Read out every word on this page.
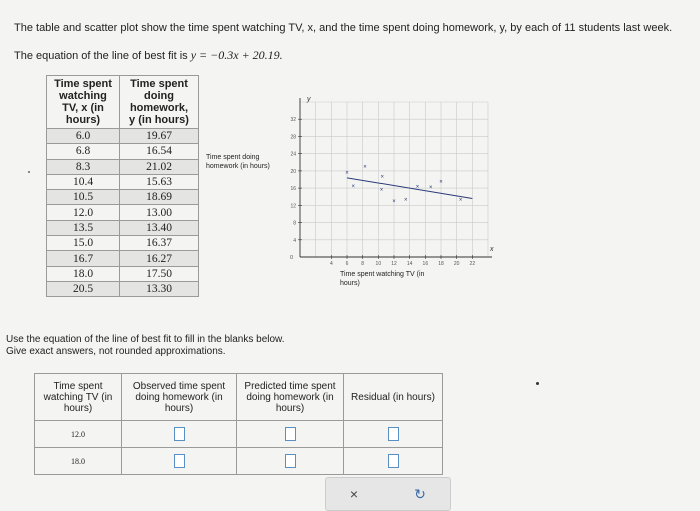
The table and scatter plot show the time spent watching TV, x, and the time spent doing homework, y, by each of 11 students last week.
The equation of the line of best fit is y = −0.3x + 20.19.
Time spent watching TV, x (in hours)	Time spent doing homework, y (in hours)
6.0	19.67
6.8	16.54
8.3	21.02
10.4	15.63
10.5	18.69
12.0	13.00
13.5	13.40
15.0	16.37
16.7	16.27
18.0	17.50
20.5	13.30
Time spent doing homework (in hours)
y
x
0
4	6	8 10 12 14 16 18 20 22
4
8
12
16
20
24
28
32
×
×
×
×
×
× ×
× ×
×
×
Time spent watching TV (in hours)
Use the equation of the line of best fit to fill in the blanks below.
Give exact answers, not rounded approximations.
Time spent watching TV (in hours)	Observed time spent doing homework (in hours)	Predicted time spent doing homework (in hours)	Residual (in hours)
12.0			
18.0			
×	↻
